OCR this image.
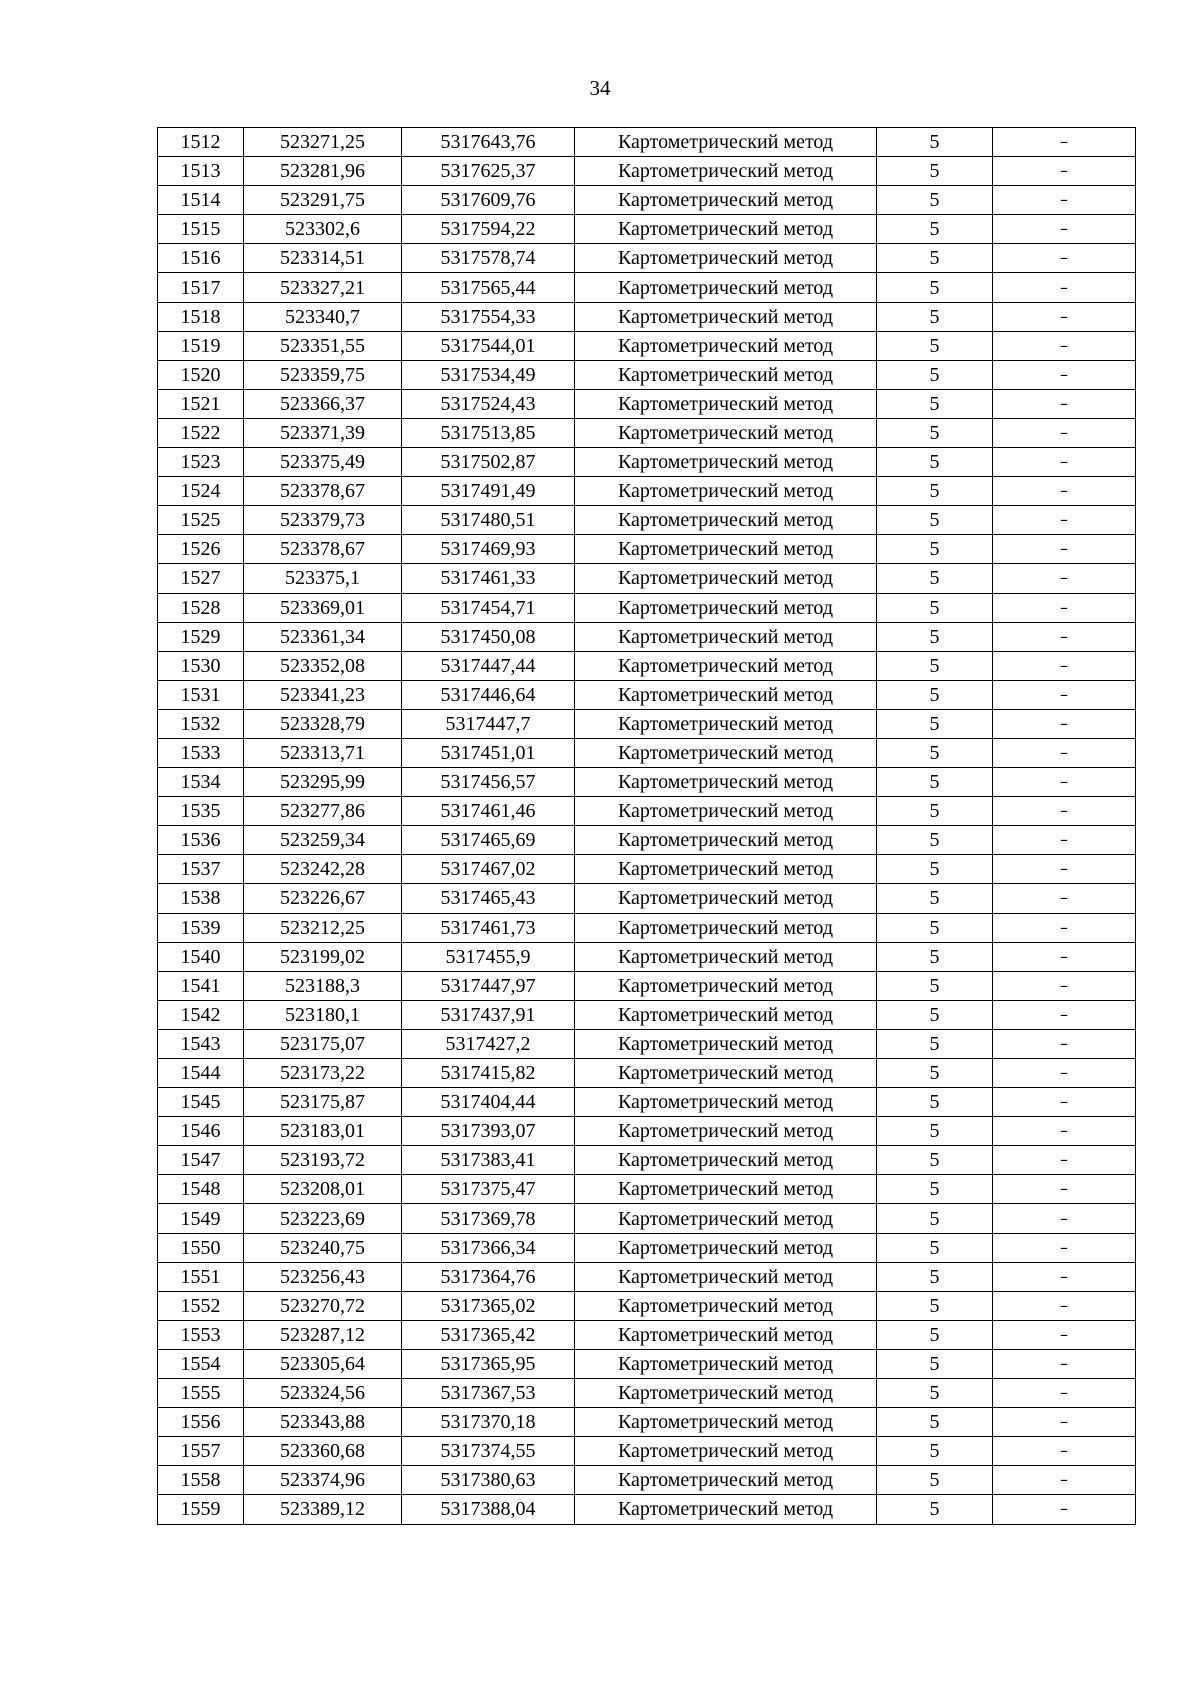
34
1512	523271,25	5317643,76	Картометрический метод	5	–
1513	523281,96	5317625,37	Картометрический метод	5	–
1514	523291,75	5317609,76	Картометрический метод	5	–
1515	523302,6	5317594,22	Картометрический метод	5	–
1516	523314,51	5317578,74	Картометрический метод	5	–
1517	523327,21	5317565,44	Картометрический метод	5	–
1518	523340,7	5317554,33	Картометрический метод	5	–
1519	523351,55	5317544,01	Картометрический метод	5	–
1520	523359,75	5317534,49	Картометрический метод	5	–
1521	523366,37	5317524,43	Картометрический метод	5	–
1522	523371,39	5317513,85	Картометрический метод	5	–
1523	523375,49	5317502,87	Картометрический метод	5	–
1524	523378,67	5317491,49	Картометрический метод	5	–
1525	523379,73	5317480,51	Картометрический метод	5	–
1526	523378,67	5317469,93	Картометрический метод	5	–
1527	523375,1	5317461,33	Картометрический метод	5	–
1528	523369,01	5317454,71	Картометрический метод	5	–
1529	523361,34	5317450,08	Картометрический метод	5	–
1530	523352,08	5317447,44	Картометрический метод	5	–
1531	523341,23	5317446,64	Картометрический метод	5	–
1532	523328,79	5317447,7	Картометрический метод	5	–
1533	523313,71	5317451,01	Картометрический метод	5	–
1534	523295,99	5317456,57	Картометрический метод	5	–
1535	523277,86	5317461,46	Картометрический метод	5	–
1536	523259,34	5317465,69	Картометрический метод	5	–
1537	523242,28	5317467,02	Картометрический метод	5	–
1538	523226,67	5317465,43	Картометрический метод	5	–
1539	523212,25	5317461,73	Картометрический метод	5	–
1540	523199,02	5317455,9	Картометрический метод	5	–
1541	523188,3	5317447,97	Картометрический метод	5	–
1542	523180,1	5317437,91	Картометрический метод	5	–
1543	523175,07	5317427,2	Картометрический метод	5	–
1544	523173,22	5317415,82	Картометрический метод	5	–
1545	523175,87	5317404,44	Картометрический метод	5	–
1546	523183,01	5317393,07	Картометрический метод	5	–
1547	523193,72	5317383,41	Картометрический метод	5	–
1548	523208,01	5317375,47	Картометрический метод	5	–
1549	523223,69	5317369,78	Картометрический метод	5	–
1550	523240,75	5317366,34	Картометрический метод	5	–
1551	523256,43	5317364,76	Картометрический метод	5	–
1552	523270,72	5317365,02	Картометрический метод	5	–
1553	523287,12	5317365,42	Картометрический метод	5	–
1554	523305,64	5317365,95	Картометрический метод	5	–
1555	523324,56	5317367,53	Картометрический метод	5	–
1556	523343,88	5317370,18	Картометрический метод	5	–
1557	523360,68	5317374,55	Картометрический метод	5	–
1558	523374,96	5317380,63	Картометрический метод	5	–
1559	523389,12	5317388,04	Картометрический метод	5	–
